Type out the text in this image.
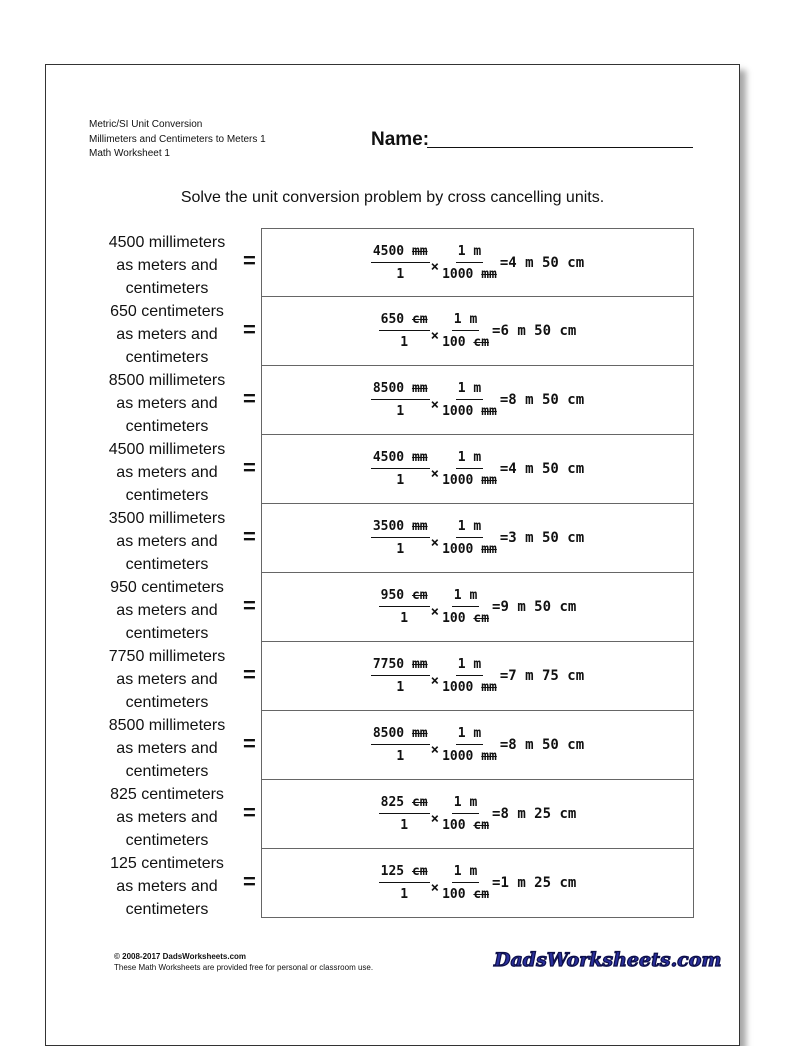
Metric/SI Unit Conversion
Millimeters and Centimeters to Meters 1
Math Worksheet 1
Name:
Solve the unit conversion problem by cross cancelling units.
4500 millimeters
as meters and
centimeters
=	$\frac{4500 mm}{1} \times \frac{1 m}{1000 mm} =4$ m 50 cm
650 centimeters
as meters and
centimeters
=	$\frac{650 cm}{1} \times \frac{1 m}{100 cm} =6$ m 50 cm
8500 millimeters
as meters and
centimeters
=	$\frac{8500 mm}{1} \times \frac{1 m}{1000 mm} =8$ m 50 cm
4500 millimeters
as meters and
centimeters
=	$\frac{4500 mm}{1} \times \frac{1 m}{1000 mm} =4$ m 50 cm
3500 millimeters
as meters and
centimeters
=	$\frac{3500 mm}{1} \times \frac{1 m}{1000 mm} =3$ m 50 cm
950 centimeters
as meters and
centimeters
=	$\frac{950 cm}{1} \times \frac{1 m}{100 cm} =9$ m 50 cm
7750 millimeters
as meters and
centimeters
=	$\frac{7750 mm}{1} \times \frac{1 m}{1000 mm} =7$ m 75 cm
8500 millimeters
as meters and
centimeters
=	$\frac{8500 mm}{1} \times \frac{1 m}{1000 mm} =8$ m 50 cm
825 centimeters
as meters and
centimeters
=	$\frac{825 cm}{1} \times \frac{1 m}{100 cm} =8$ m 25 cm
125 centimeters
as meters and
centimeters
=	$\frac{125 cm}{1} \times \frac{1 m}{100 cm} =1$ m 25 cm
© 2008-2017 DadsWorksheets.com
These Math Worksheets are provided free for personal or classroom use.	DadsWorksheets.com
